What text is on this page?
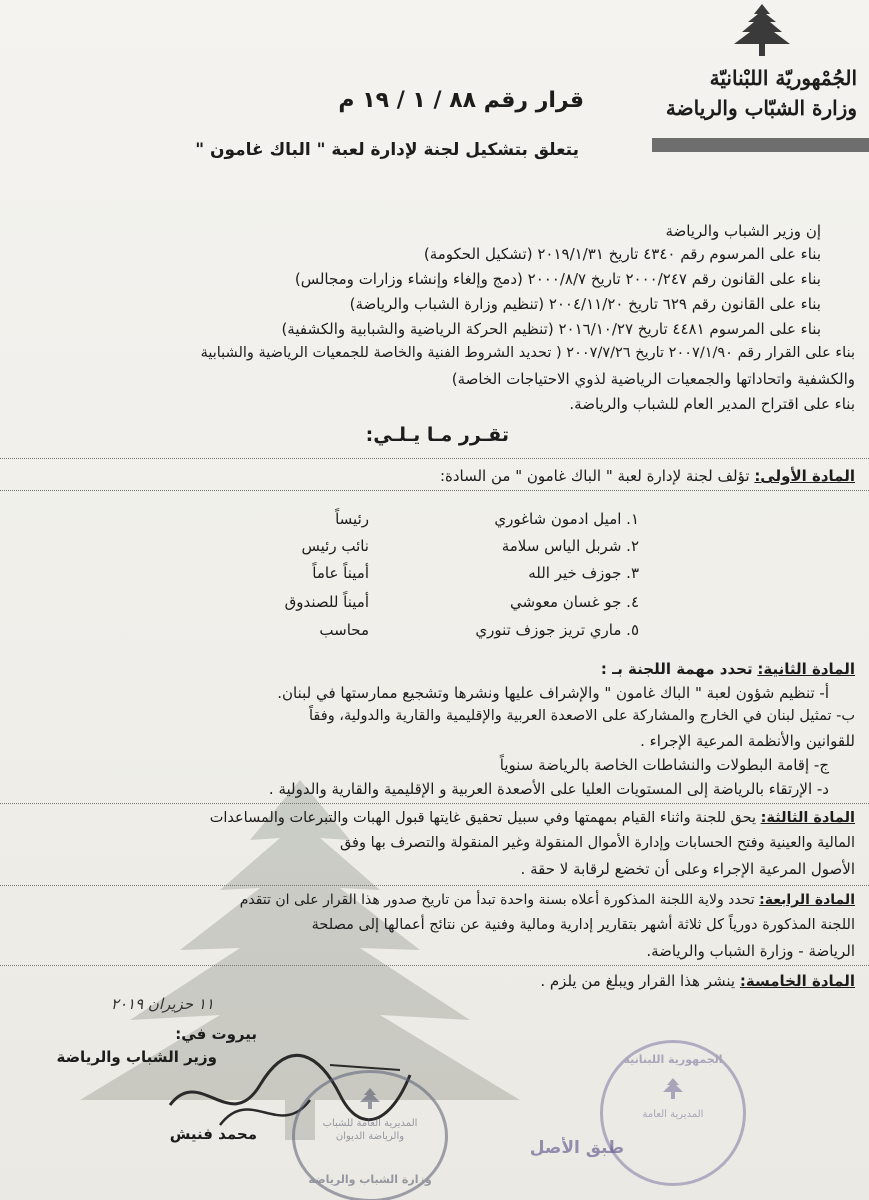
الجُمْهوريّة اللبْنانيّة
وزارة الشبّاب والرياضة
قرار رقم ٨٨ / ١ / ١٩ م
يتعلق بتشكيل لجنة لإدارة لعبة " الباك غامون "
إن وزير الشباب والرياضة
بناء على المرسوم رقم ٤٣٤٠ تاريخ ٢٠١٩/١/٣١ (تشكيل الحكومة)
بناء على القانون رقم ٢٠٠٠/٢٤٧ تاريخ ٢٠٠٠/٨/٧ (دمج وإلغاء وإنشاء وزارات ومجالس)
بناء على القانون رقم ٦٢٩ تاريخ ٢٠٠٤/١١/٢٠ (تنظيم وزارة الشباب والرياضة)
بناء على المرسوم ٤٤٨١ تاريخ ٢٠١٦/١٠/٢٧ (تنظيم الحركة الرياضية والشبابية والكشفية)
بناء على القرار رقم ٢٠٠٧/١/٩٠ تاريخ ٢٠٠٧/٧/٢٦ ( تحديد الشروط الفنية والخاصة للجمعيات الرياضية والشبابية
والكشفية واتحاداتها والجمعيات الرياضية لذوي الاحتياجات الخاصة)
بناء على اقتراح المدير العام للشباب والرياضة.
تقـرر مـا يـلـي:
المادة الأولى: تؤلف لجنة لإدارة لعبة " الباك غامون " من السادة:
١. اميل ادمون شاغوري
رئيساً
٢. شربل الياس سلامة
نائب رئيس
٣. جوزف خير الله
أميناً عاماً
٤. جو غسان معوشي
أميناً للصندوق
٥. ماري تريز جوزف تنوري
محاسب
المادة الثانية: تحدد مهمة اللجنة بـ :
أ- تنظيم شؤون لعبة " الباك غامون " والإشراف عليها ونشرها وتشجيع ممارستها في لبنان.
ب- تمثيل لبنان في الخارج والمشاركة على الاصعدة العربية والإقليمية والقارية والدولية، وفقاً
للقوانين والأنظمة المرعية الإجراء .
ج- إقامة البطولات والنشاطات الخاصة بالرياضة سنوياً
د- الإرتقاء بالرياضة إلى المستويات العليا على الأصعدة العربية و الإقليمية والقارية والدولية .
المادة الثالثة: يحق للجنة واثناء القيام بمهمتها وفي سبيل تحقيق غايتها قبول الهبات والتبرعات والمساعدات
المالية والعينية وفتح الحسابات وإدارة الأموال المنقولة وغير المنقولة والتصرف بها وفق
الأصول المرعية الإجراء وعلى أن تخضع لرقابة لا حقة .
المادة الرابعة: تحدد ولاية اللجنة المذكورة أعلاه بسنة واحدة تبدأ من تاريخ صدور هذا القرار على ان تتقدم
اللجنة المذكورة دورياً كل ثلاثة أشهر بتقارير إدارية ومالية وفنية عن نتائج أعمالها إلى مصلحة
الرياضة - وزارة الشباب والرياضة.
المادة الخامسة: ينشر هذا القرار ويبلغ من يلزم .
١١ حزيران ٢٠١٩
بيروت في:
وزير الشباب والرياضة
محمد فنيش
المديرية العامة للشباب والرياضة الديوان
وزارة الشباب والرياضة
الجمهورية اللبنانية
المديرية العامة
طبق الأصل
